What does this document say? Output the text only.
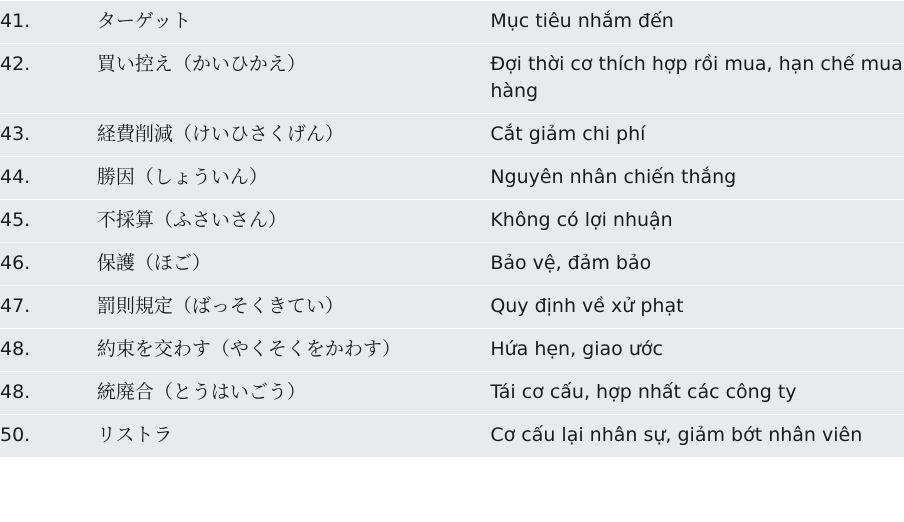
41.	ターゲット	Mục tiêu nhắm đến

42.	買い控え（かいひかえ）	Đợi thời cơ thích hợp rồi mua, hạn chế mua hàng

43.	経費削減（けいひさくげん）	Cắt giảm chi phí

44.	勝因（しょういん）	Nguyên nhân chiến thắng

45.	不採算（ふさいさん）	Không có lợi nhuận

46.	保護（ほご）	Bảo vệ, đảm bảo

47.	罰則規定（ばっそくきてい）	Quy định về xử phạt

48.	約束を交わす（やくそくをかわす）	Hứa hẹn, giao ước

48.	統廃合（とうはいごう）	Tái cơ cấu, hợp nhất các công ty

50.	リストラ	Cơ cấu lại nhân sự, giảm bớt nhân viên
